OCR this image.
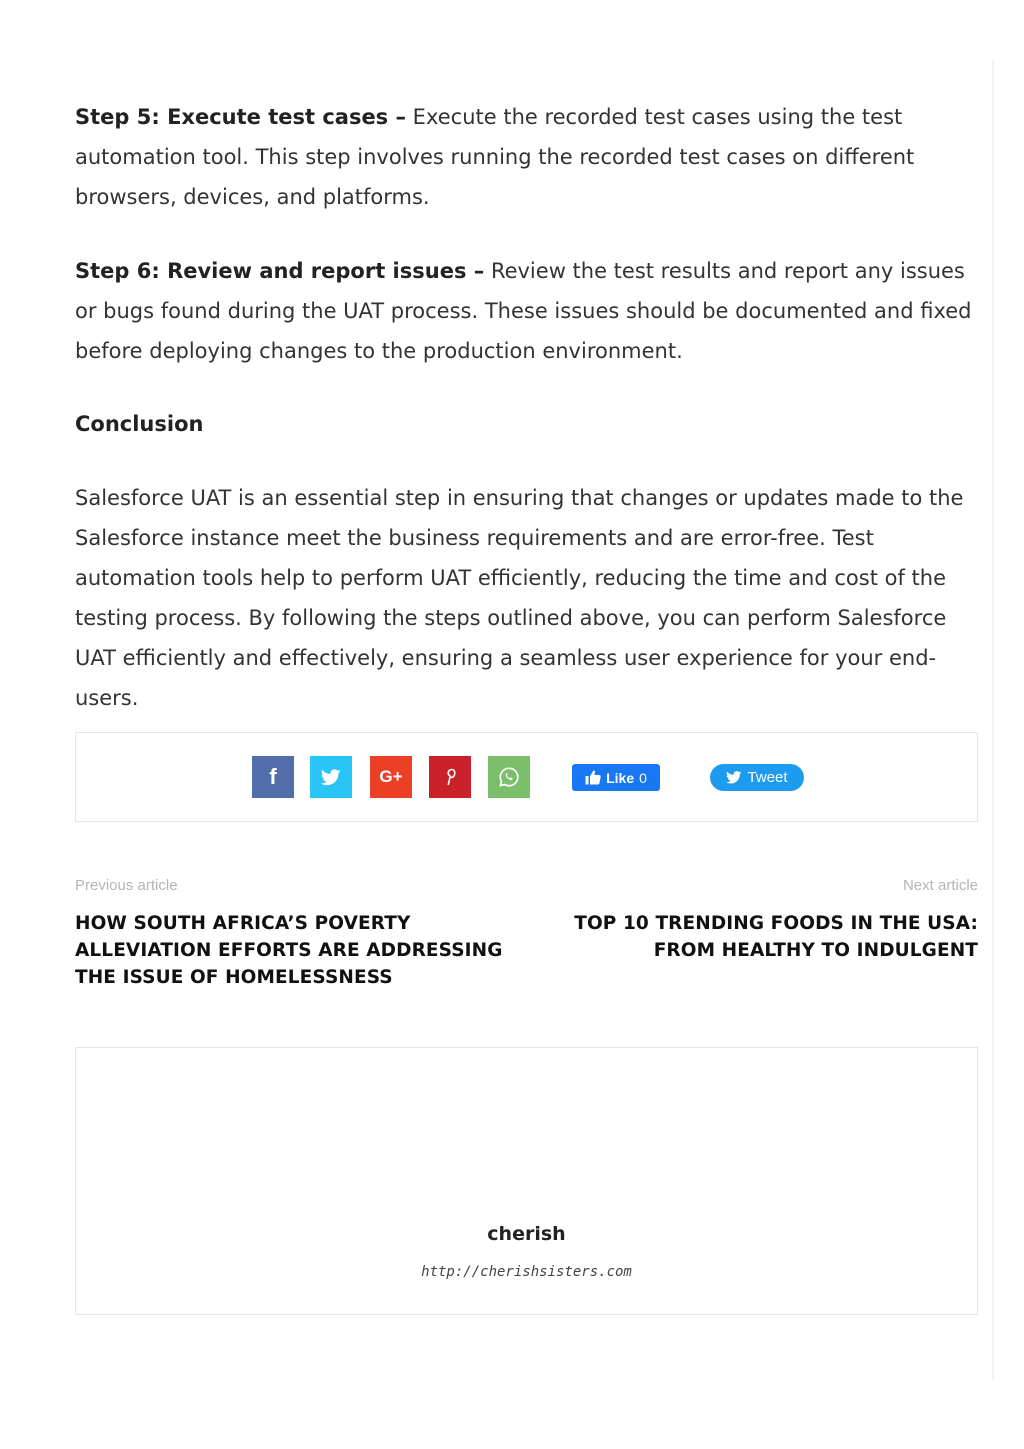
Step 5: Execute test cases – Execute the recorded test cases using the test automation tool. This step involves running the recorded test cases on different browsers, devices, and platforms.

Step 6: Review and report issues – Review the test results and report any issues or bugs found during the UAT process. These issues should be documented and fixed before deploying changes to the production environment.

Conclusion

Salesforce UAT is an essential step in ensuring that changes or updates made to the Salesforce instance meet the business requirements and are error-free. Test automation tools help to perform UAT efficiently, reducing the time and cost of the testing process. By following the steps outlined above, you can perform Salesforce UAT efficiently and effectively, ensuring a seamless user experience for your end-users.

f	G+	Like 0	Tweet
Previous article	Next article
HOW SOUTH AFRICA’S POVERTY ALLEVIATION EFFORTS ARE ADDRESSING THE ISSUE OF HOMELESSNESS
TOP 10 TRENDING FOODS IN THE USA: FROM HEALTHY TO INDULGENT
cherish
http://cherishsisters.com
